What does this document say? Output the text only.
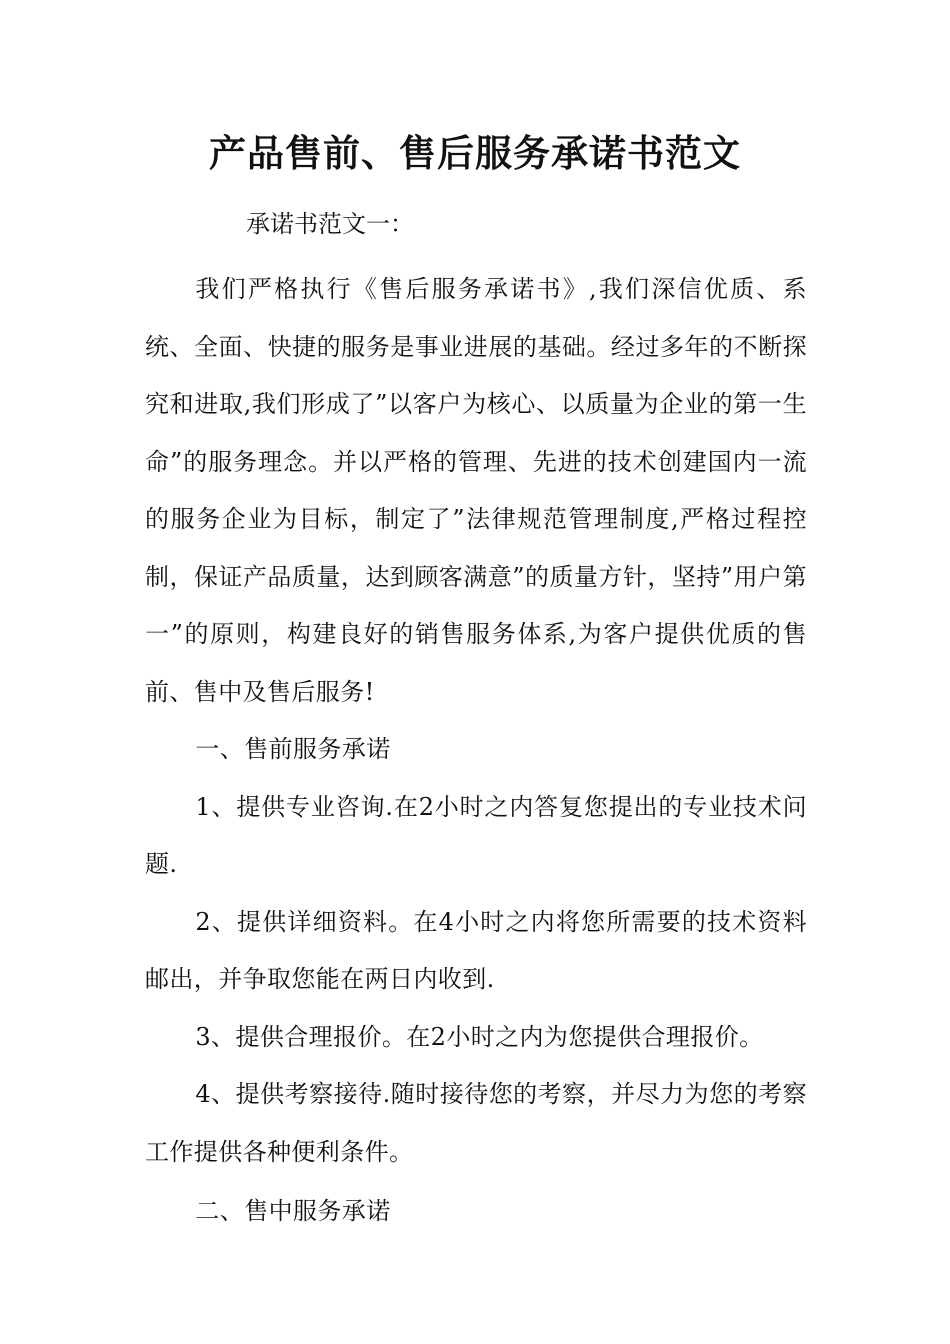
产品售前、售后服务承诺书范文

承诺书范文一：

我们严格执行《售后服务承诺书》,我们深信优质、系统、全面、快捷的服务是事业进展的基础。经过多年的不断探究和进取,我们形成了”以客户为核心、以质量为企业的第一生命”的服务理念。并以严格的管理、先进的技术创建国内一流的服务企业为目标，制定了”法律规范管理制度,严格过程控制，保证产品质量，达到顾客满意”的质量方针，坚持”用户第一”的原则，构建良好的销售服务体系,为客户提供优质的售前、售中及售后服务!

一、售前服务承诺

1、提供专业咨询.在2小时之内答复您提出的专业技术问题.

2、提供详细资料。在4小时之内将您所需要的技术资料邮出，并争取您能在两日内收到.

3、提供合理报价。在2小时之内为您提供合理报价。

4、提供考察接待.随时接待您的考察，并尽力为您的考察工作提供各种便利条件。

二、售中服务承诺
